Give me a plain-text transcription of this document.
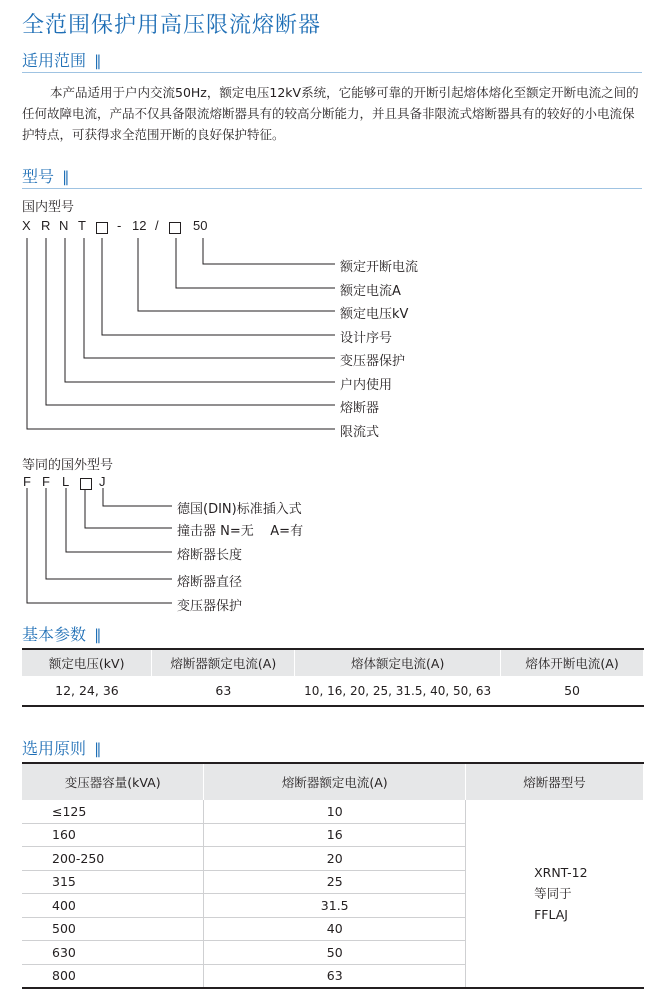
全范围保护用高压限流熔断器
适用范围 ∥
本产品适用于户内交流50Hz，额定电压12kV系统，它能够可靠的开断引起熔体熔化至额定开断电流之间的任何故障电流，产品不仅具备限流熔断器具有的较高分断能力，并且具备非限流式熔断器具有的较好的小电流保护特点，可获得求全范围开断的良好保护特征。
型号 ∥
国内型号
X R N T - 12 /	50
额定开断电流
额定电流A
额定电压kV
设计序号
变压器保护
户内使用
熔断器
限流式
等同的国外型号
F F L J
德国(DIN)标准插入式
撞击器 N=无    A=有
熔断器长度
熔断器直径
变压器保护
基本参数 ∥
额定电压(kV)	熔断器额定电流(A)	熔体额定电流(A)	熔体开断电流(A)
12, 24, 36	63	10, 16, 20, 25, 31.5, 40, 50, 63	50
选用原则 ∥
变压器容量(kVA)	熔断器额定电流(A)	熔断器型号
≤125	10	XRNT-12
等同于
FFLAJ

160	16	
200-250	20	
315	25	
400	31.5	
500	40	
630	50	
800	63	
